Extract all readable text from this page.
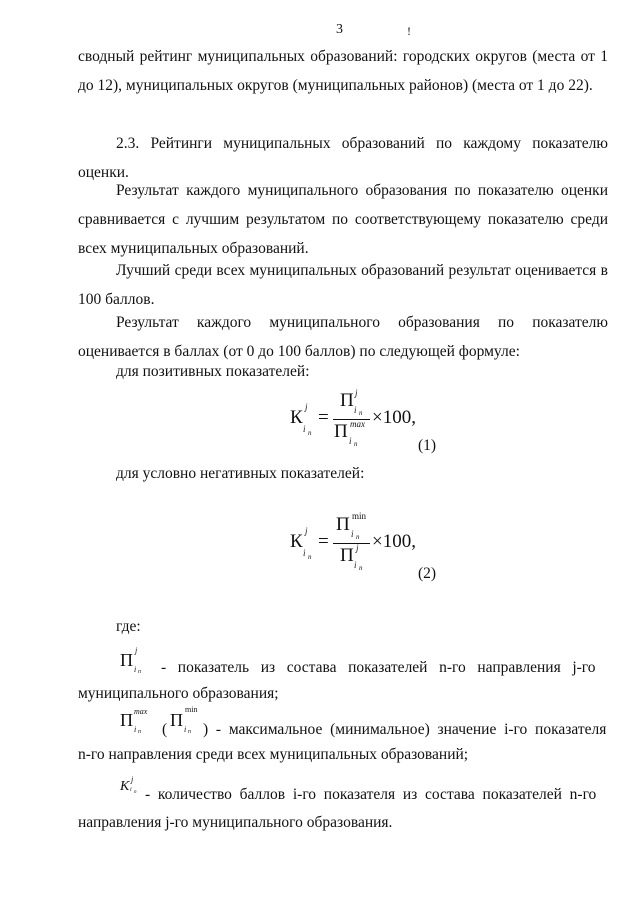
3	!

сводный рейтинг муниципальных образований: городских округов (места от 1 до 12), муниципальных округов (муниципальных районов) (места от 1 до 22).

2.3. Рейтинги муниципальных образований по каждому показателю оценки.

Результат каждого муниципального образования по показателю оценки сравнивается с лучшим результатом по соответствующему показателю среди всех муниципальных образований.

Лучший среди всех муниципальных образований результат оценивается в 100 баллов.

Результат каждого муниципального образования по показателю оценивается в баллах (от 0 до 100 баллов) по следующей формуле:

для позитивных показателей:
К j
i n
=
П j
i n
П max
i n
×100,
(1)
для условно негативных показателей:
К j
i n
=
П min
i n
П j
i n
×100,
(2)
где:
П j
i n -   показатель   из   состава   показателей   n-го   направления   j-го
муниципального образования;
П max
i n ( П
min
i n )  -  максимальное  (минимальное)  значение  i-го  показателя
n-го направления среди всех муниципальных образований;
K j
i n -  количество  баллов  i-го  показателя  из  состава  показателей  n-го
направления j-го муниципального образования.
